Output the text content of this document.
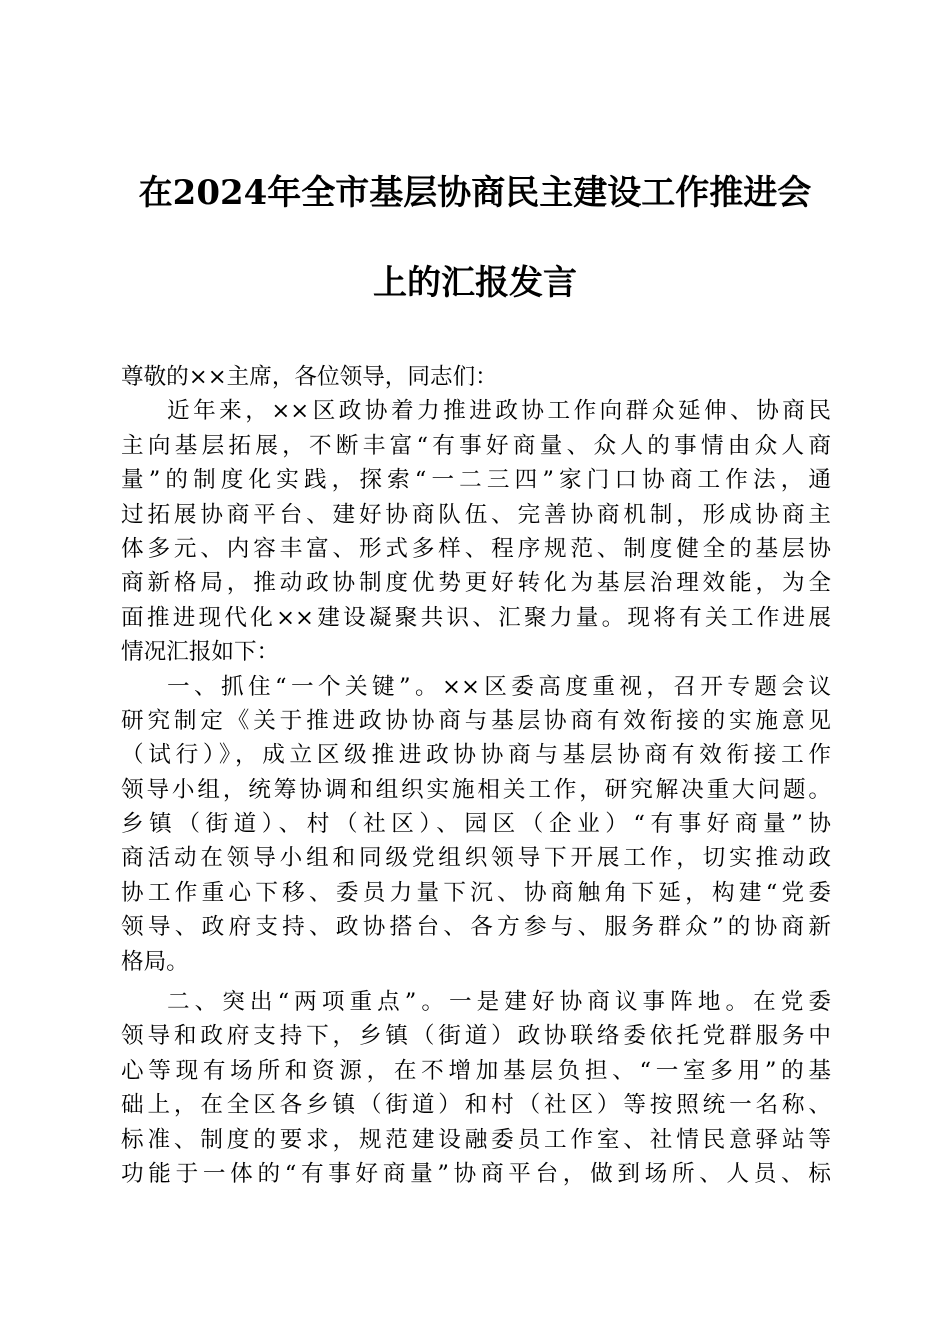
在2024年全市基层协商民主建设工作推进会
上的汇报发言
尊敬的××主席，各位领导，同志们：
近年来，××区政协着力推进政协工作向群众延伸、协商民
主向基层拓展，不断丰富“有事好商量、众人的事情由众人商
量”的制度化实践，探索“一二三四”家门口协商工作法，通
过拓展协商平台、建好协商队伍、完善协商机制，形成协商主
体多元、内容丰富、形式多样、程序规范、制度健全的基层协
商新格局，推动政协制度优势更好转化为基层治理效能，为全
面推进现代化××建设凝聚共识、汇聚力量。现将有关工作进展
情况汇报如下：
一、抓住“一个关键”。××区委高度重视，召开专题会议
研究制定《关于推进政协协商与基层协商有效衔接的实施意见
（试行）》，成立区级推进政协协商与基层协商有效衔接工作
领导小组，统筹协调和组织实施相关工作，研究解决重大问题。
乡镇（街道）、村（社区）、园区（企业）“有事好商量”协
商活动在领导小组和同级党组织领导下开展工作，切实推动政
协工作重心下移、委员力量下沉、协商触角下延，构建“党委
领导、政府支持、政协搭台、各方参与、服务群众”的协商新
格局。
二、突出“两项重点”。一是建好协商议事阵地。在党委
领导和政府支持下，乡镇（街道）政协联络委依托党群服务中
心等现有场所和资源，在不增加基层负担、“一室多用”的基
础上，在全区各乡镇（街道）和村（社区）等按照统一名称、
标准、制度的要求，规范建设融委员工作室、社情民意驿站等
功能于一体的“有事好商量”协商平台，做到场所、人员、标
